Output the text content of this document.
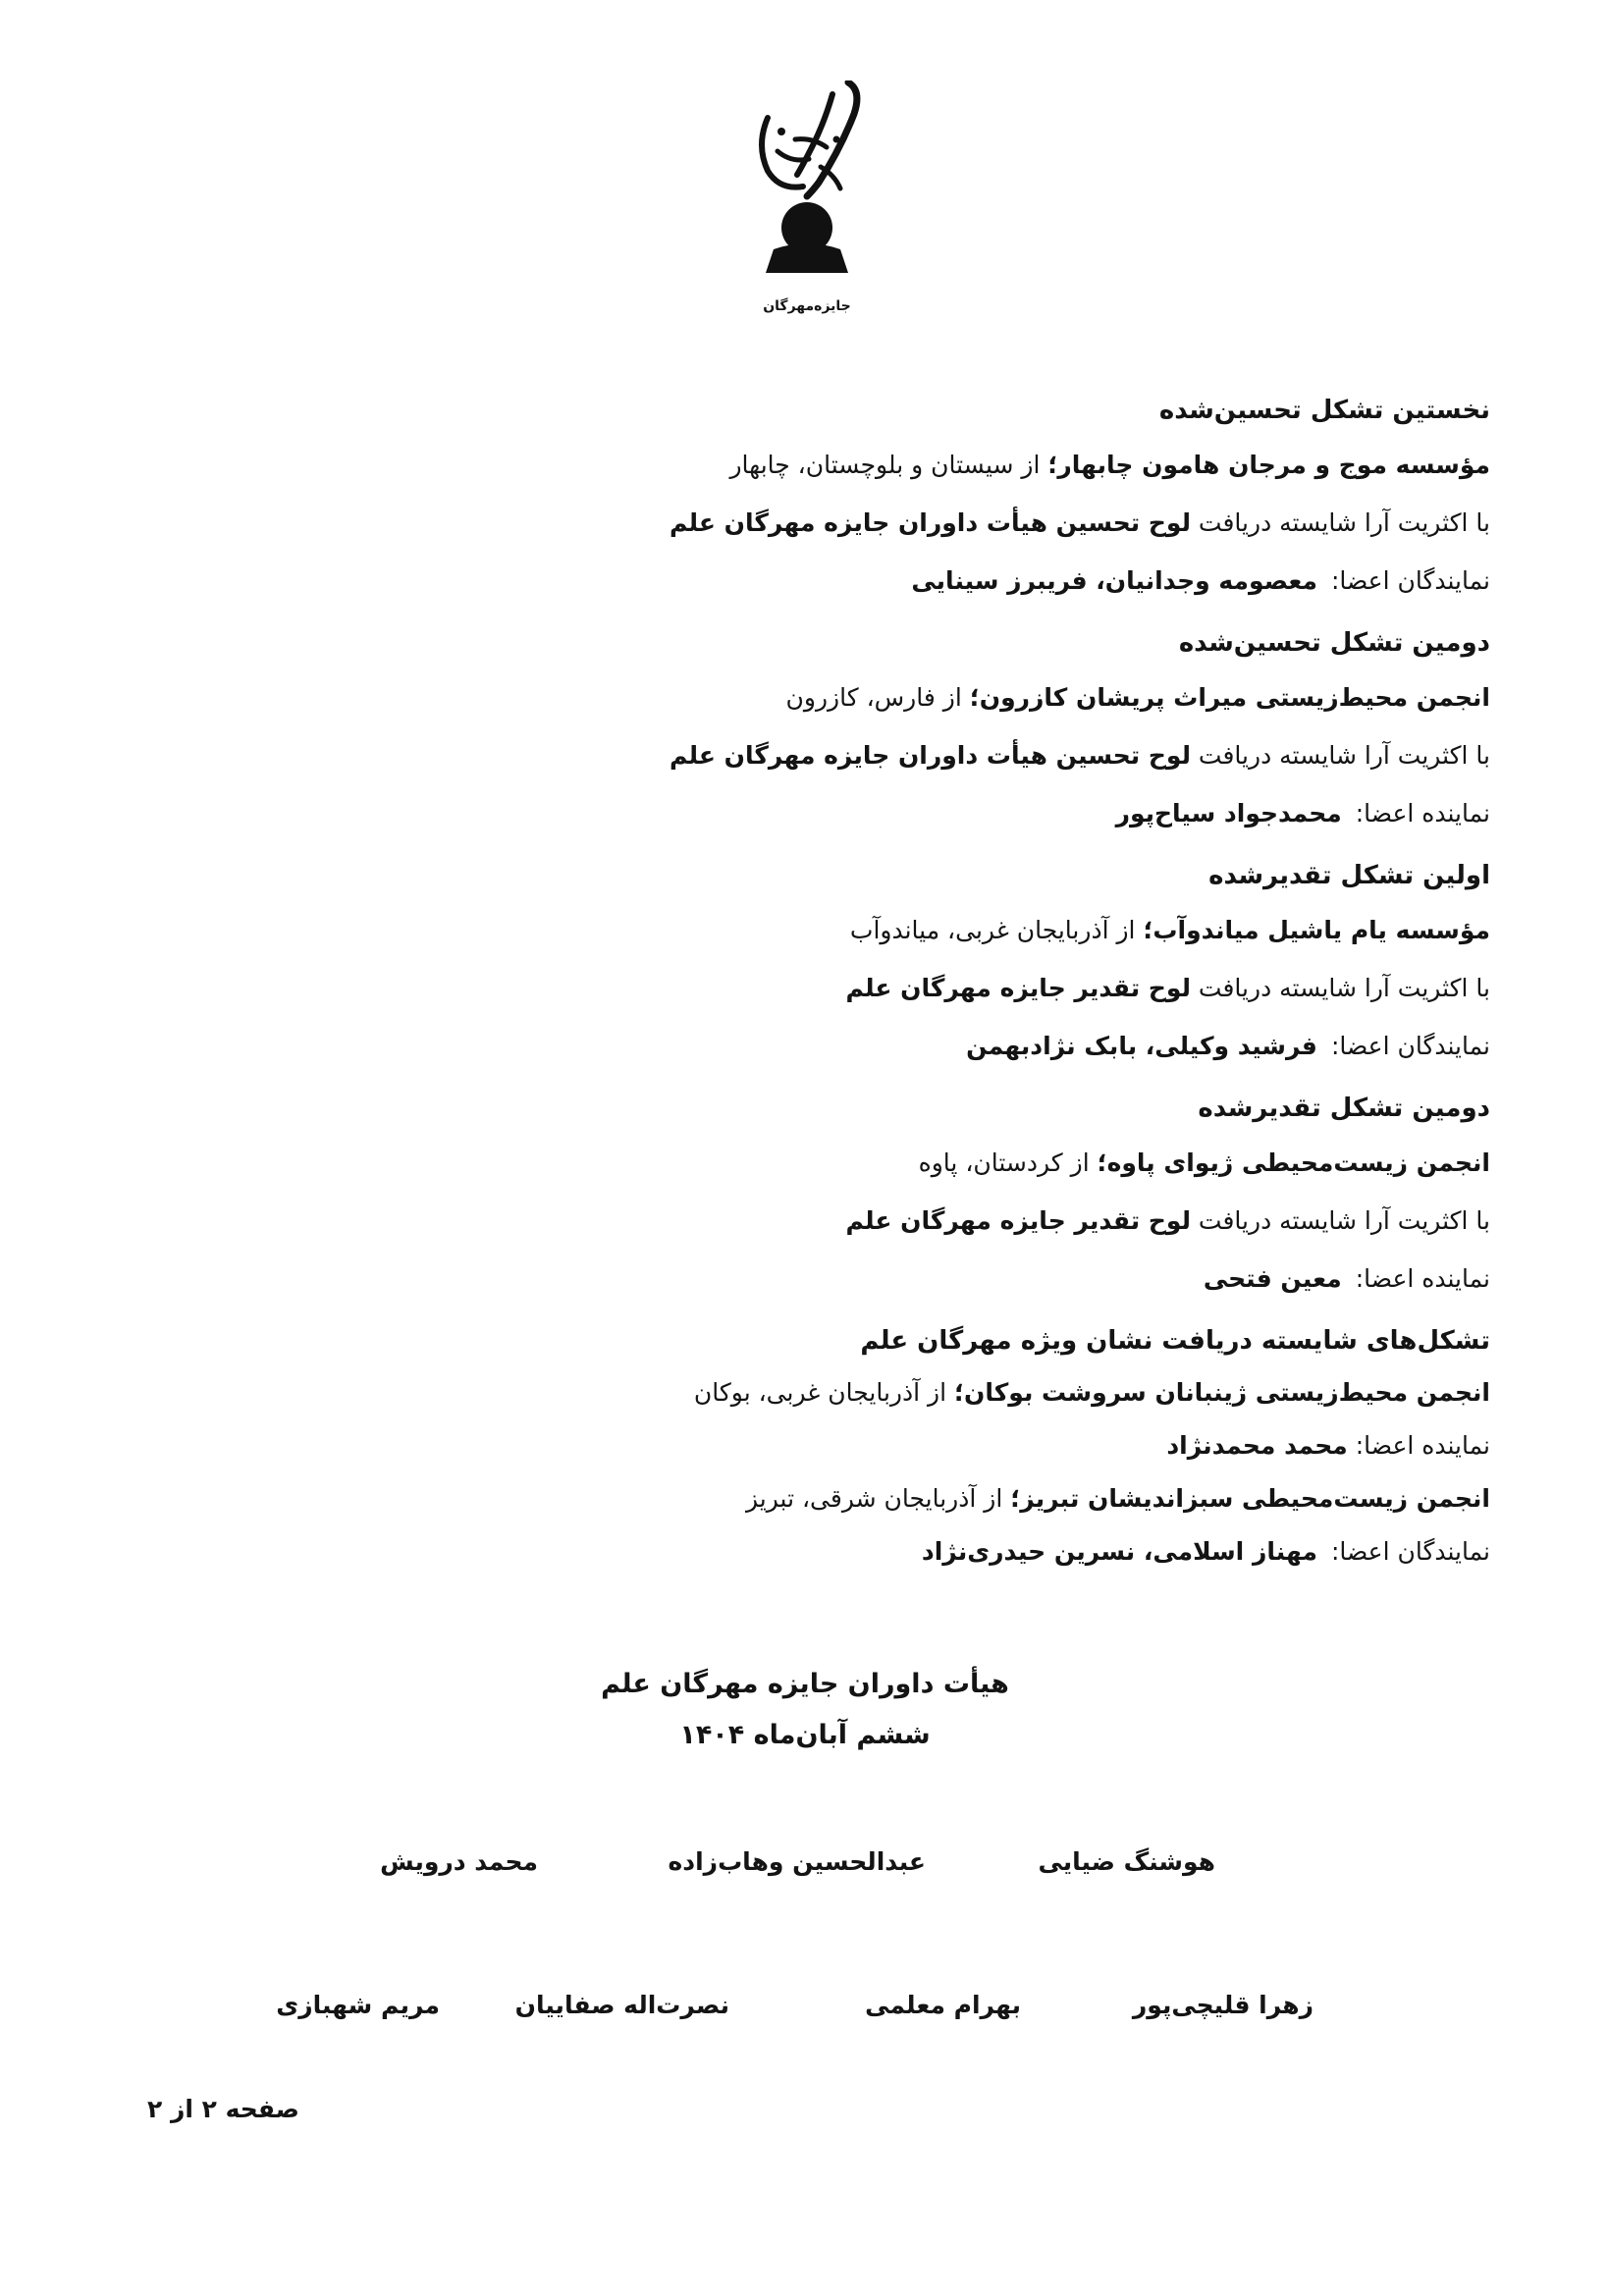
جایزه‌مهرگان
نخستین تشکل تحسین‌شده
مؤسسه موج و مرجان هامون چابهار؛ از سیستان و بلوچستان، چابهار
با اکثریت آرا شایسته دریافت لوح تحسین هیأت داوران جایزه مهرگان علم
نمایندگان اعضا:معصومه وجدانیان، فریبرز سینایی
دومین تشکل تحسین‌شده
انجمن محیط‌زیستی میراث پریشان کازرون؛ از فارس، کازرون
با اکثریت آرا شایسته دریافت لوح تحسین هیأت داوران جایزه مهرگان علم
نماینده اعضا:محمدجواد سیاح‌پور
اولین تشکل تقدیرشده
مؤسسه یام یاشیل میاندوآب؛ از آذربایجان غربی، میاندوآب
با اکثریت آرا شایسته دریافت لوح تقدیر جایزه مهرگان علم
نمایندگان اعضا:فرشید وکیلی، بابک نژادبهمن
دومین تشکل تقدیرشده
انجمن زیست‌محیطی ژیوای پاوه؛ از کردستان، پاوه
با اکثریت آرا شایسته دریافت لوح تقدیر جایزه مهرگان علم
نماینده اعضا:معین فتحی
تشکل‌های شایسته دریافت نشان ویژه مهرگان علم
انجمن محیط‌زیستی ژینبانان سروشت بوکان؛ از آذربایجان غربی، بوکان
نماینده اعضا: محمد محمدنژاد
انجمن زیست‌محیطی سبزاندیشان تبریز؛ از آذربایجان شرقی، تبریز
نمایندگان اعضا:مهناز اسلامی، نسرین حیدری‌نژاد
هیأت داوران جایزه مهرگان علم
ششم آبان‌ماه ۱۴۰۴
هوشنگ ضیایی
عبدالحسین وهاب‌زاده
محمد درویش
زهرا قلیچی‌پور
بهرام معلمی
نصرت‌اله صفاییان
مریم شهبازی
صفحه ۲ از ۲
